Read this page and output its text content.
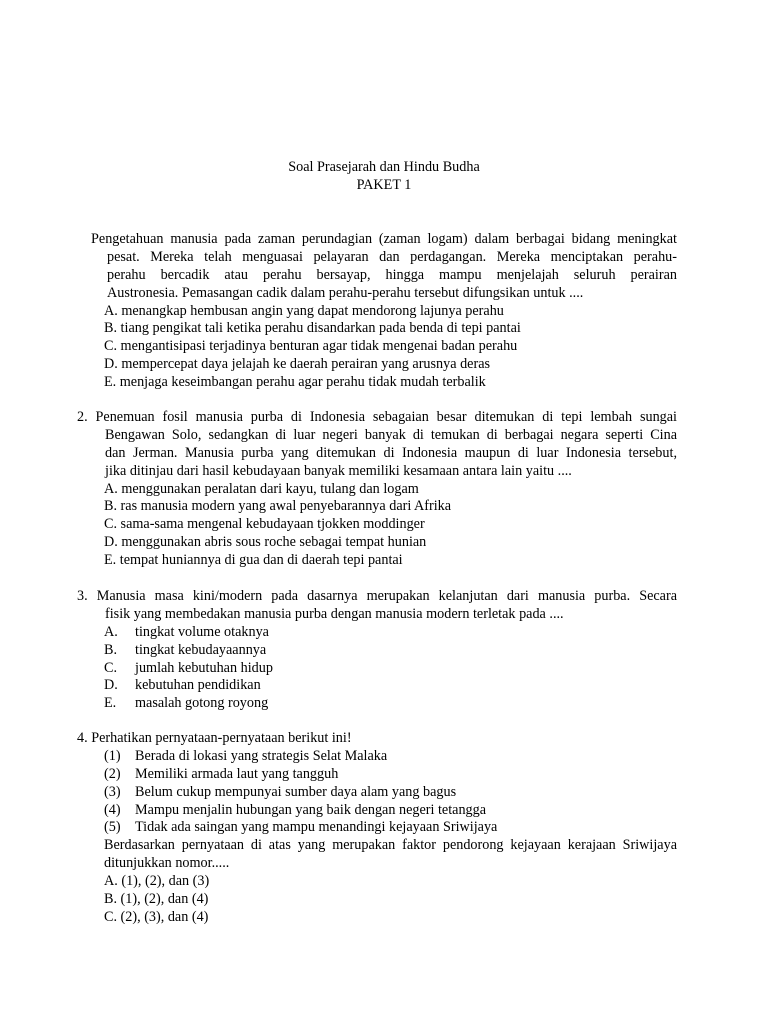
Soal Prasejarah dan Hindu Budha
PAKET 1
Pengetahuan manusia pada zaman perundagian (zaman logam) dalam berbagai bidang meningkat
pesat. Mereka telah menguasai pelayaran dan perdagangan. Mereka menciptakan perahu-
perahu bercadik atau perahu bersayap, hingga mampu menjelajah seluruh perairan
Austronesia. Pemasangan cadik dalam perahu-perahu tersebut difungsikan untuk ....
A. menangkap hembusan angin yang dapat mendorong lajunya perahu
B. tiang pengikat tali ketika perahu disandarkan pada benda di tepi pantai
C. mengantisipasi terjadinya benturan agar tidak mengenai badan perahu
D. mempercepat daya jelajah ke daerah perairan yang arusnya deras
E. menjaga keseimbangan perahu agar perahu tidak mudah terbalik
2. Penemuan fosil manusia purba di Indonesia sebagaian besar ditemukan di tepi lembah sungai
Bengawan Solo, sedangkan di luar negeri banyak di temukan di berbagai negara seperti Cina
dan Jerman. Manusia purba yang ditemukan di Indonesia maupun di luar Indonesia tersebut,
jika ditinjau dari hasil kebudayaan banyak memiliki kesamaan antara lain yaitu ....
A. menggunakan peralatan dari kayu, tulang dan logam
B. ras manusia modern yang awal penyebarannya dari Afrika
C. sama-sama mengenal kebudayaan tjokken moddinger
D. menggunakan abris sous roche sebagai tempat hunian
E. tempat huniannya di gua dan di daerah tepi pantai
3. Manusia masa kini/modern pada dasarnya merupakan kelanjutan dari manusia purba. Secara
fisik yang membedakan manusia purba dengan manusia modern terletak pada ....
A. tingkat volume otaknya
B. tingkat kebudayaannya
C. jumlah kebutuhan hidup
D. kebutuhan pendidikan
E. masalah gotong royong
4. Perhatikan pernyataan-pernyataan berikut ini!
(1) Berada di lokasi yang strategis Selat Malaka
(2) Memiliki armada laut yang tangguh
(3) Belum cukup mempunyai sumber daya alam yang bagus
(4) Mampu menjalin hubungan yang baik dengan negeri tetangga
(5) Tidak ada saingan yang mampu menandingi kejayaan Sriwijaya
Berdasarkan pernyataan di atas yang merupakan faktor pendorong kejayaan kerajaan Sriwijaya
ditunjukkan nomor.....
A. (1), (2), dan (3)
B. (1), (2), dan (4)
C. (2), (3), dan (4)
